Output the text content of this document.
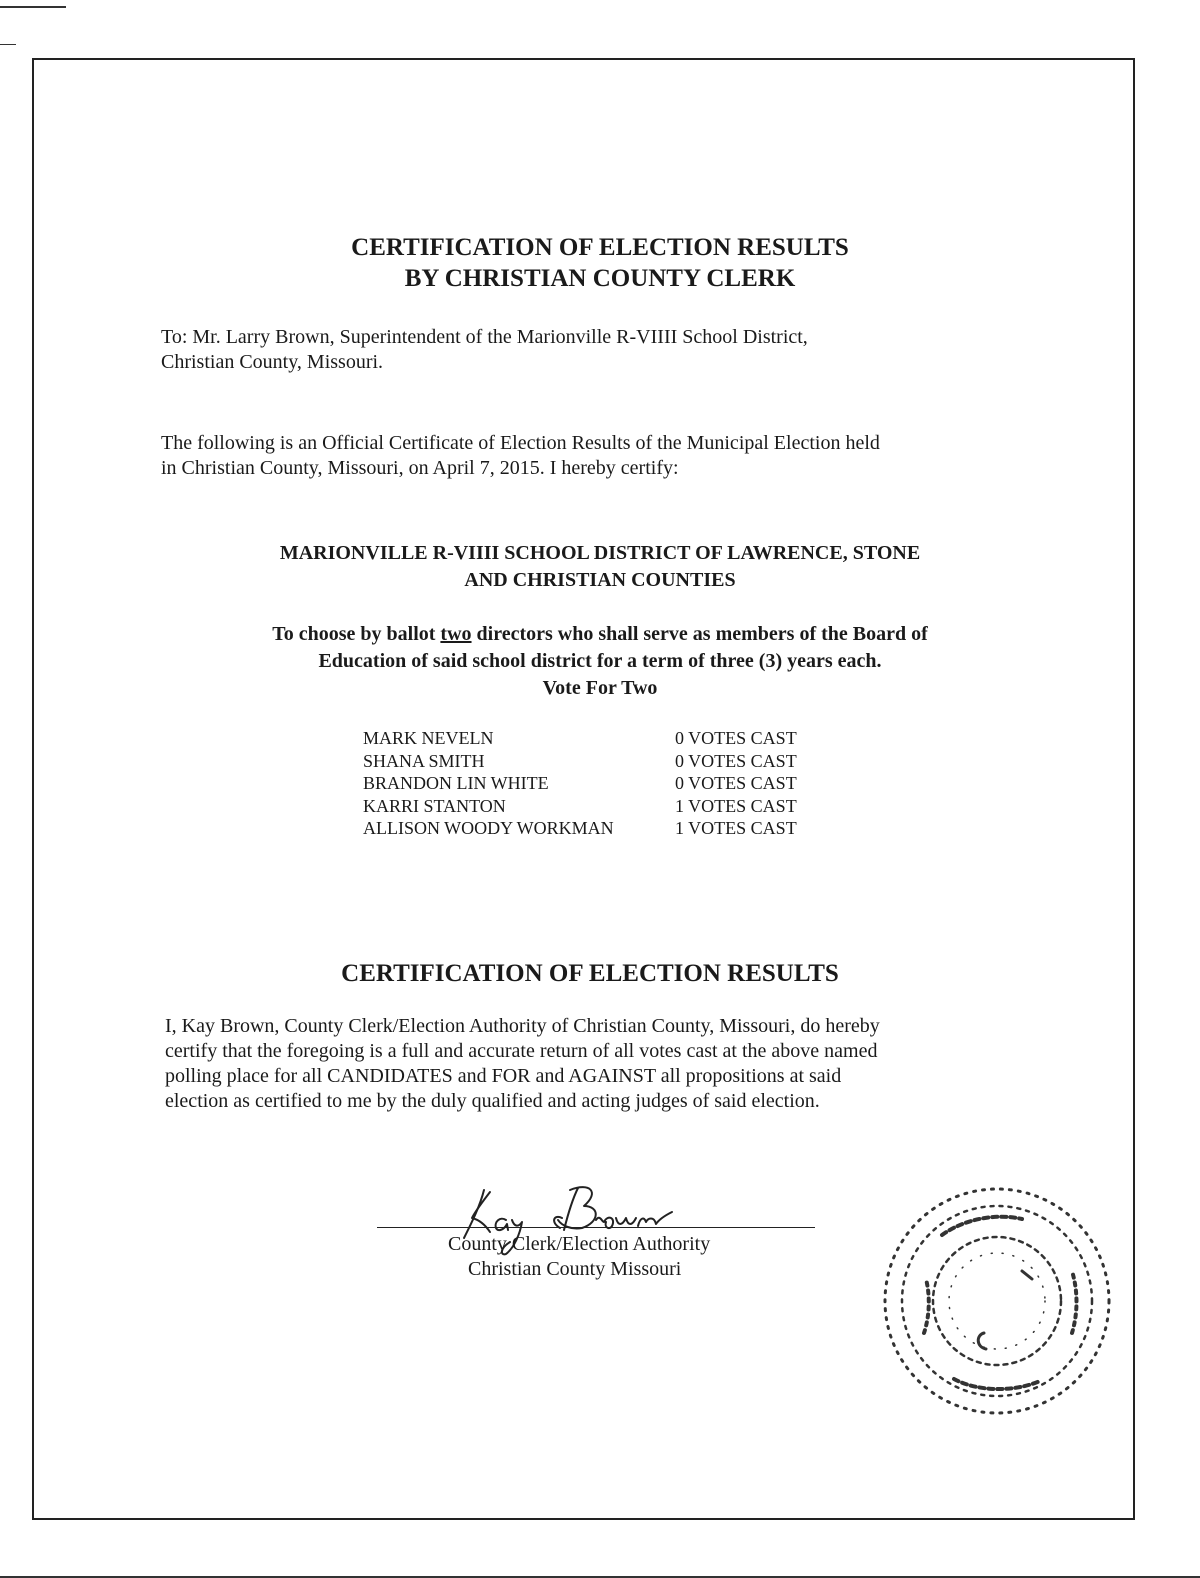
CERTIFICATION OF ELECTION RESULTS
BY CHRISTIAN COUNTY CLERK
To: Mr. Larry Brown, Superintendent of the Marionville R-VIIII School District,
Christian County, Missouri.
The following is an Official Certificate of Election Results of the Municipal Election held
in Christian County, Missouri, on April 7, 2015. I hereby certify:
MARIONVILLE R-VIIII SCHOOL DISTRICT OF LAWRENCE, STONE
AND CHRISTIAN COUNTIES
To choose by ballot two directors who shall serve as members of the Board of
Education of said school district for a term of three (3) years each.
Vote For Two
MARK NEVELN	0 VOTES CAST
SHANA SMITH	0 VOTES CAST
BRANDON LIN WHITE	0 VOTES CAST
KARRI STANTON	1 VOTES CAST
ALLISON WOODY WORKMAN	1 VOTES CAST
CERTIFICATION OF ELECTION RESULTS
I, Kay Brown, County Clerk/Election Authority of Christian County, Missouri, do hereby
certify that the foregoing is a full and accurate return of all votes cast at the above named
polling place for all CANDIDATES and FOR and AGAINST all propositions at said
election as certified to me by the duly qualified and acting judges of said election.
County Clerk/Election Authority
Christian County Missouri
